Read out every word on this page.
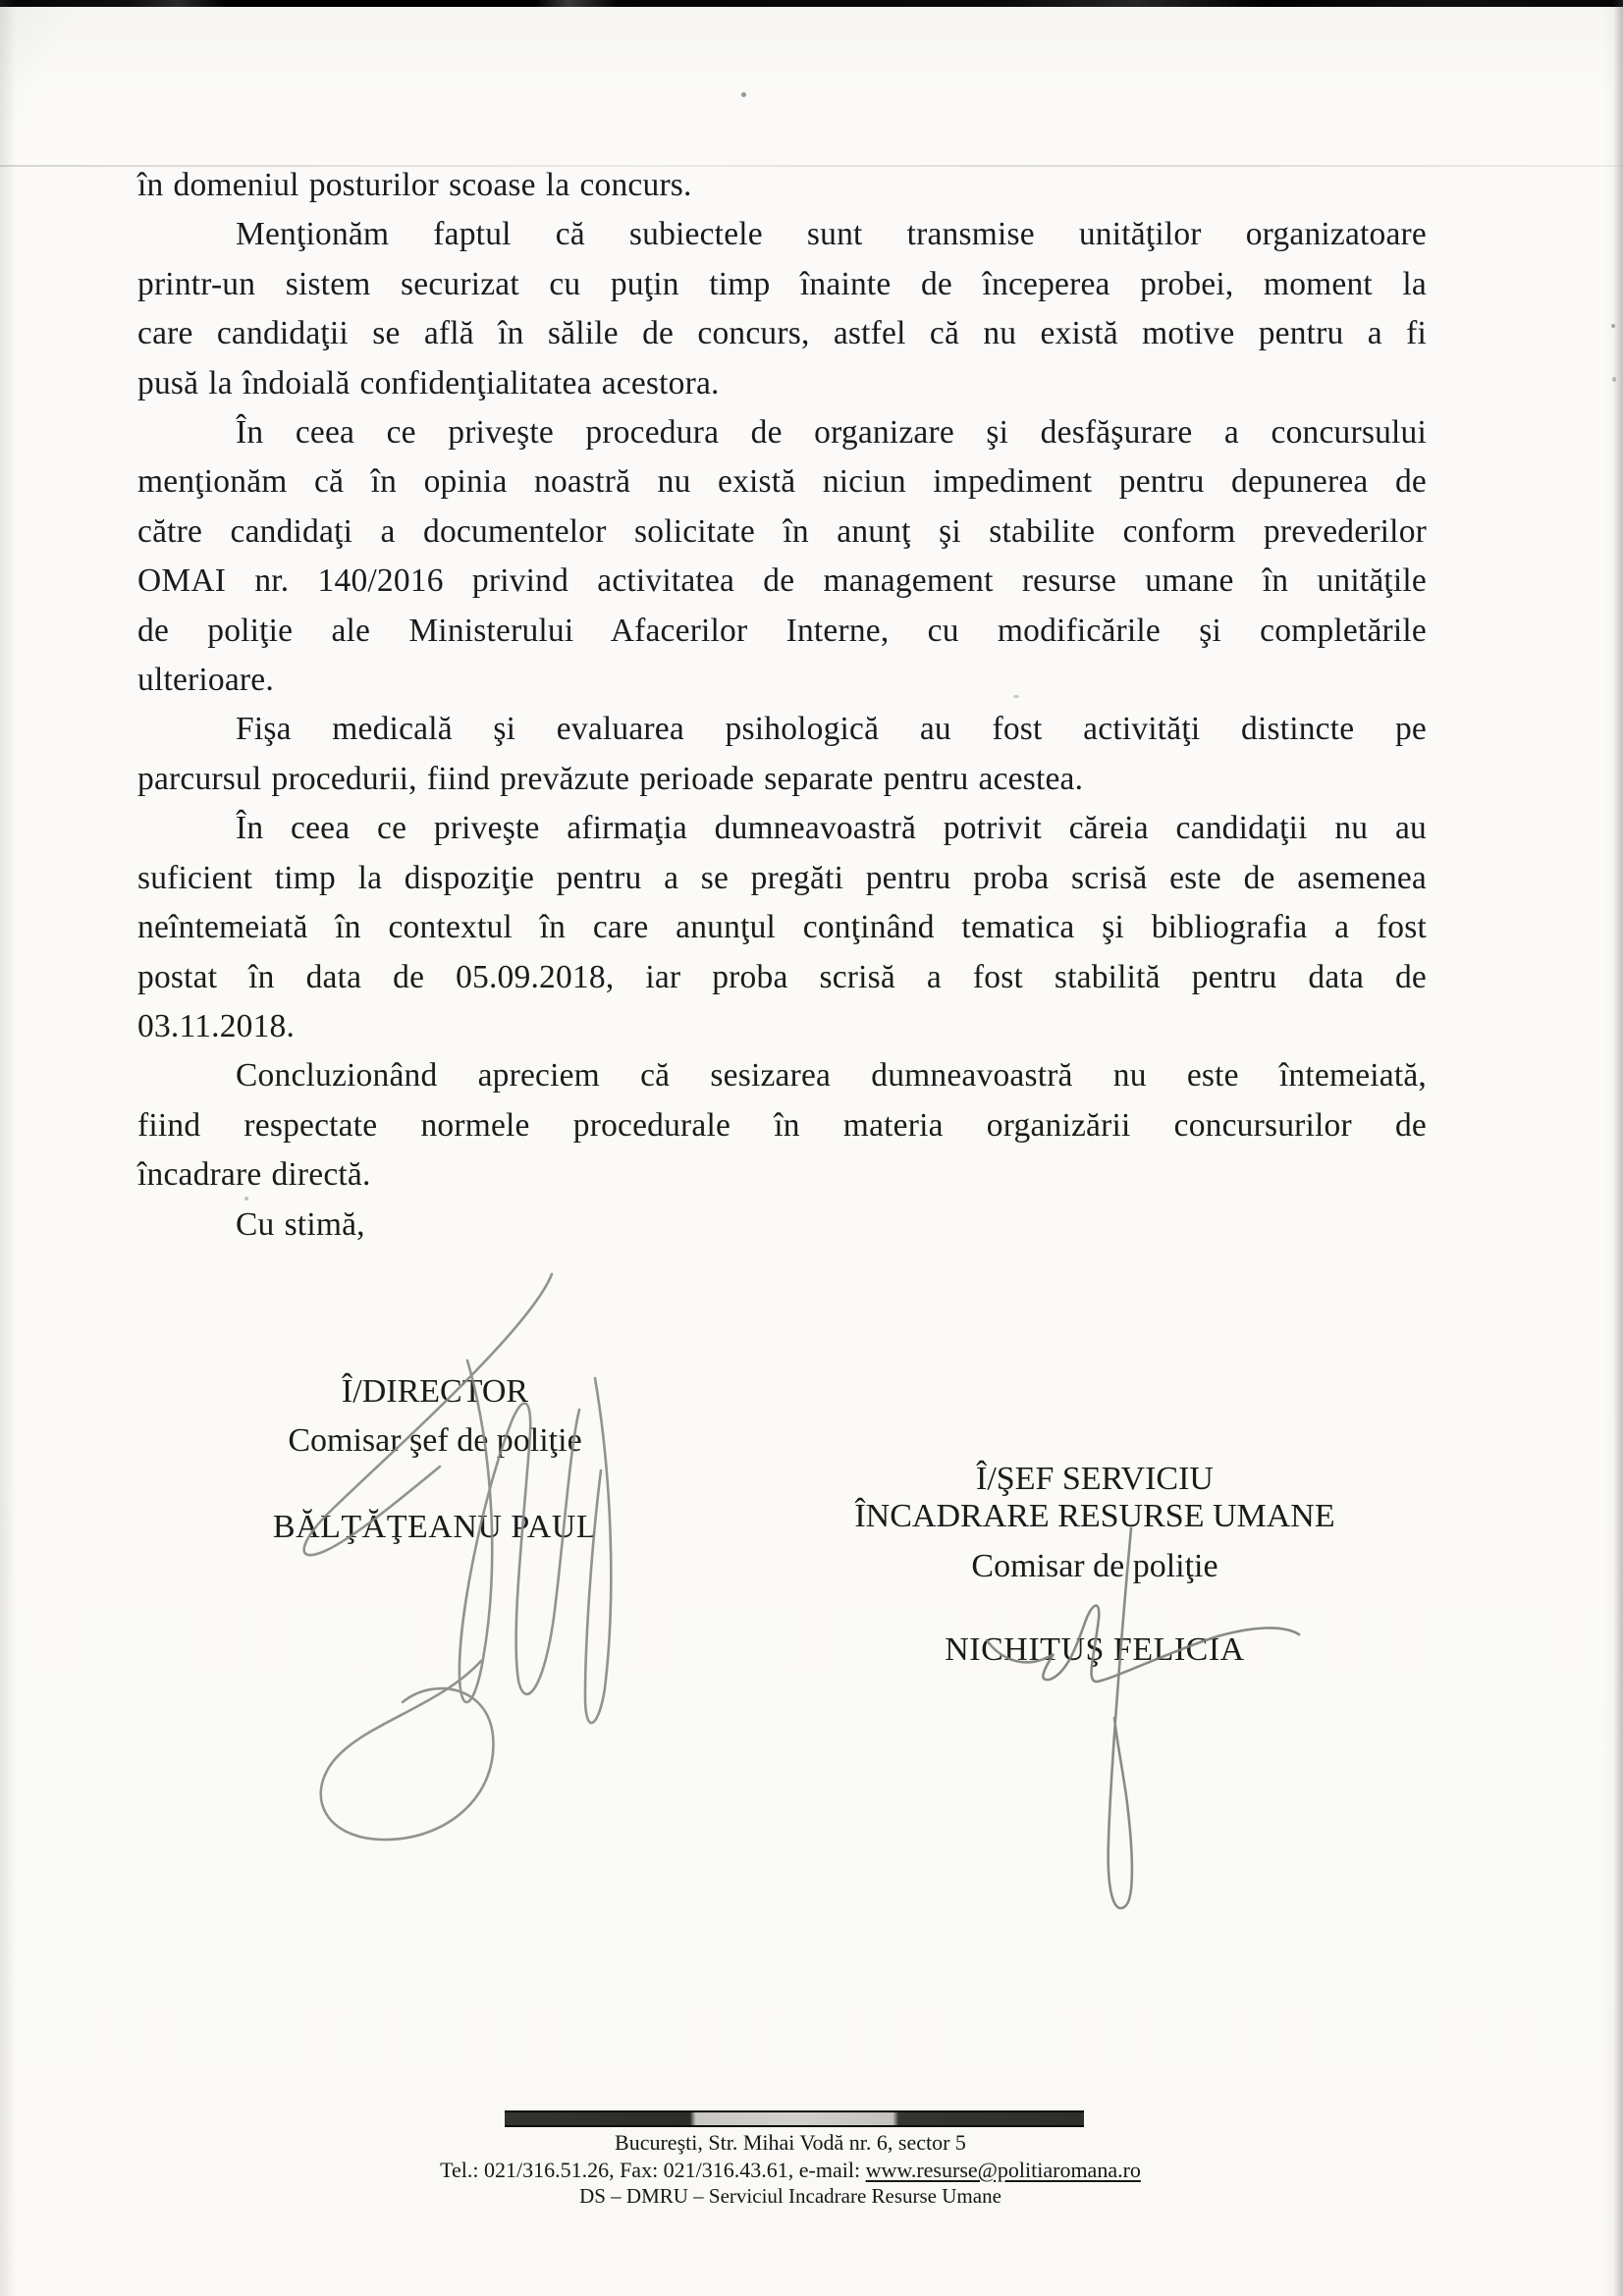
în domeniul posturilor scoase la concurs.
Menţionăm faptul că subiectele sunt transmise unităţilor organizatoare
printr-un sistem securizat cu puţin timp înainte de începerea probei, moment la
care candidaţii se află în sălile de concurs, astfel că nu există motive pentru a fi
pusă la îndoială confidenţialitatea acestora.
În ceea ce priveşte procedura de organizare şi desfăşurare a concursului
menţionăm că în opinia noastră nu există niciun impediment pentru depunerea de
către candidaţi a documentelor solicitate în anunţ şi stabilite conform prevederilor
OMAI nr. 140/2016 privind activitatea de management resurse umane în unităţile
de poliţie ale Ministerului Afacerilor Interne, cu modificările şi completările
ulterioare.
Fişa medicală şi evaluarea psihologică au fost activităţi distincte pe
parcursul procedurii, fiind prevăzute perioade separate pentru acestea.
În ceea ce priveşte afirmaţia dumneavoastră potrivit căreia candidaţii nu au
suficient timp la dispoziţie pentru a se pregăti pentru proba scrisă este de asemenea
neîntemeiată în contextul în care anunţul conţinând tematica şi bibliografia a fost
postat în data de 05.09.2018, iar proba scrisă a fost stabilită pentru data de
03.11.2018.
Concluzionând apreciem că sesizarea dumneavoastră nu este întemeiată,
fiind respectate normele procedurale în materia organizării concursurilor de
încadrare directă.
Cu stimă,
Î/DIRECTOR
Comisar şef de poliţie
BĂLŢĂŢEANU PAUL
Î/ŞEF SERVICIU
ÎNCADRARE RESURSE UMANE
Comisar de poliţie
NICHITUŞ FELICIA
Bucureşti, Str. Mihai Vodă nr. 6, sector 5
Tel.: 021/316.51.26, Fax: 021/316.43.61, e-mail: www.resurse@politiaromana.ro
DS – DMRU – Serviciul Incadrare Resurse Umane
